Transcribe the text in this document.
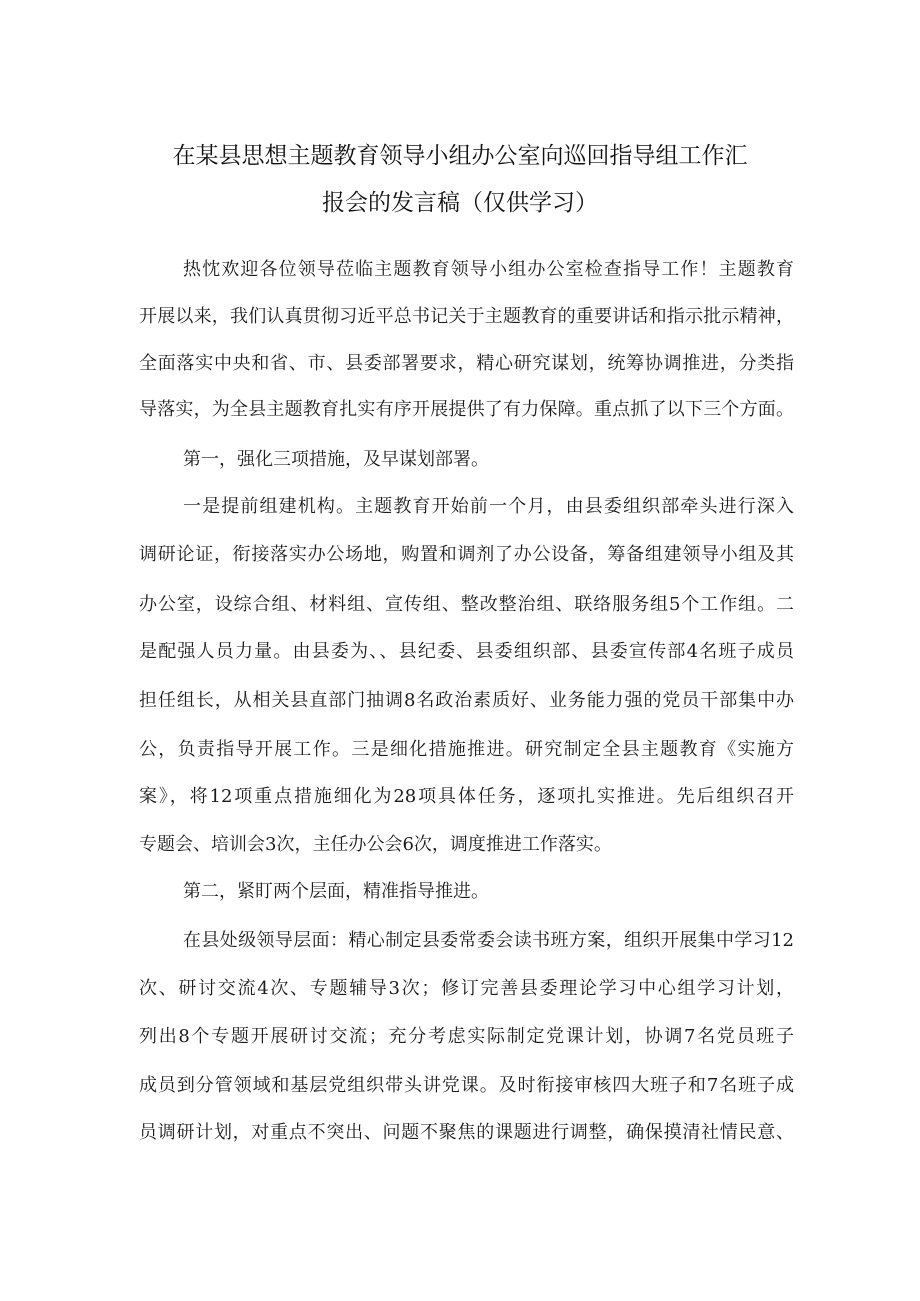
在某县思想主题教育领导小组办公室向巡回指导组工作汇
报会的发言稿（仅供学习）
热忱欢迎各位领导莅临主题教育领导小组办公室检查指导工作！主题教育
开展以来，我们认真贯彻习近平总书记关于主题教育的重要讲话和指示批示精神，
全面落实中央和省、市、县委部署要求，精心研究谋划，统筹协调推进，分类指
导落实，为全县主题教育扎实有序开展提供了有力保障。重点抓了以下三个方面。
第一，强化三项措施，及早谋划部署。
一是提前组建机构。主题教育开始前一个月，由县委组织部牵头进行深入
调研论证，衔接落实办公场地，购置和调剂了办公设备，筹备组建领导小组及其
办公室，设综合组、材料组、宣传组、整改整治组、联络服务组5个工作组。二
是配强人员力量。由县委为、、县纪委、县委组织部、县委宣传部4名班子成员
担任组长，从相关县直部门抽调8名政治素质好、业务能力强的党员干部集中办
公，负责指导开展工作。三是细化措施推进。研究制定全县主题教育《实施方
案》，将12项重点措施细化为28项具体任务，逐项扎实推进。先后组织召开
专题会、培训会3次，主任办公会6次，调度推进工作落实。
第二，紧盯两个层面，精准指导推进。
在县处级领导层面：精心制定县委常委会读书班方案，组织开展集中学习12
次、研讨交流4次、专题辅导3次；修订完善县委理论学习中心组学习计划，
列出8个专题开展研讨交流；充分考虑实际制定党课计划，协调7名党员班子
成员到分管领域和基层党组织带头讲党课。及时衔接审核四大班子和7名班子成
员调研计划，对重点不突出、问题不聚焦的课题进行调整，确保摸清社情民意、
